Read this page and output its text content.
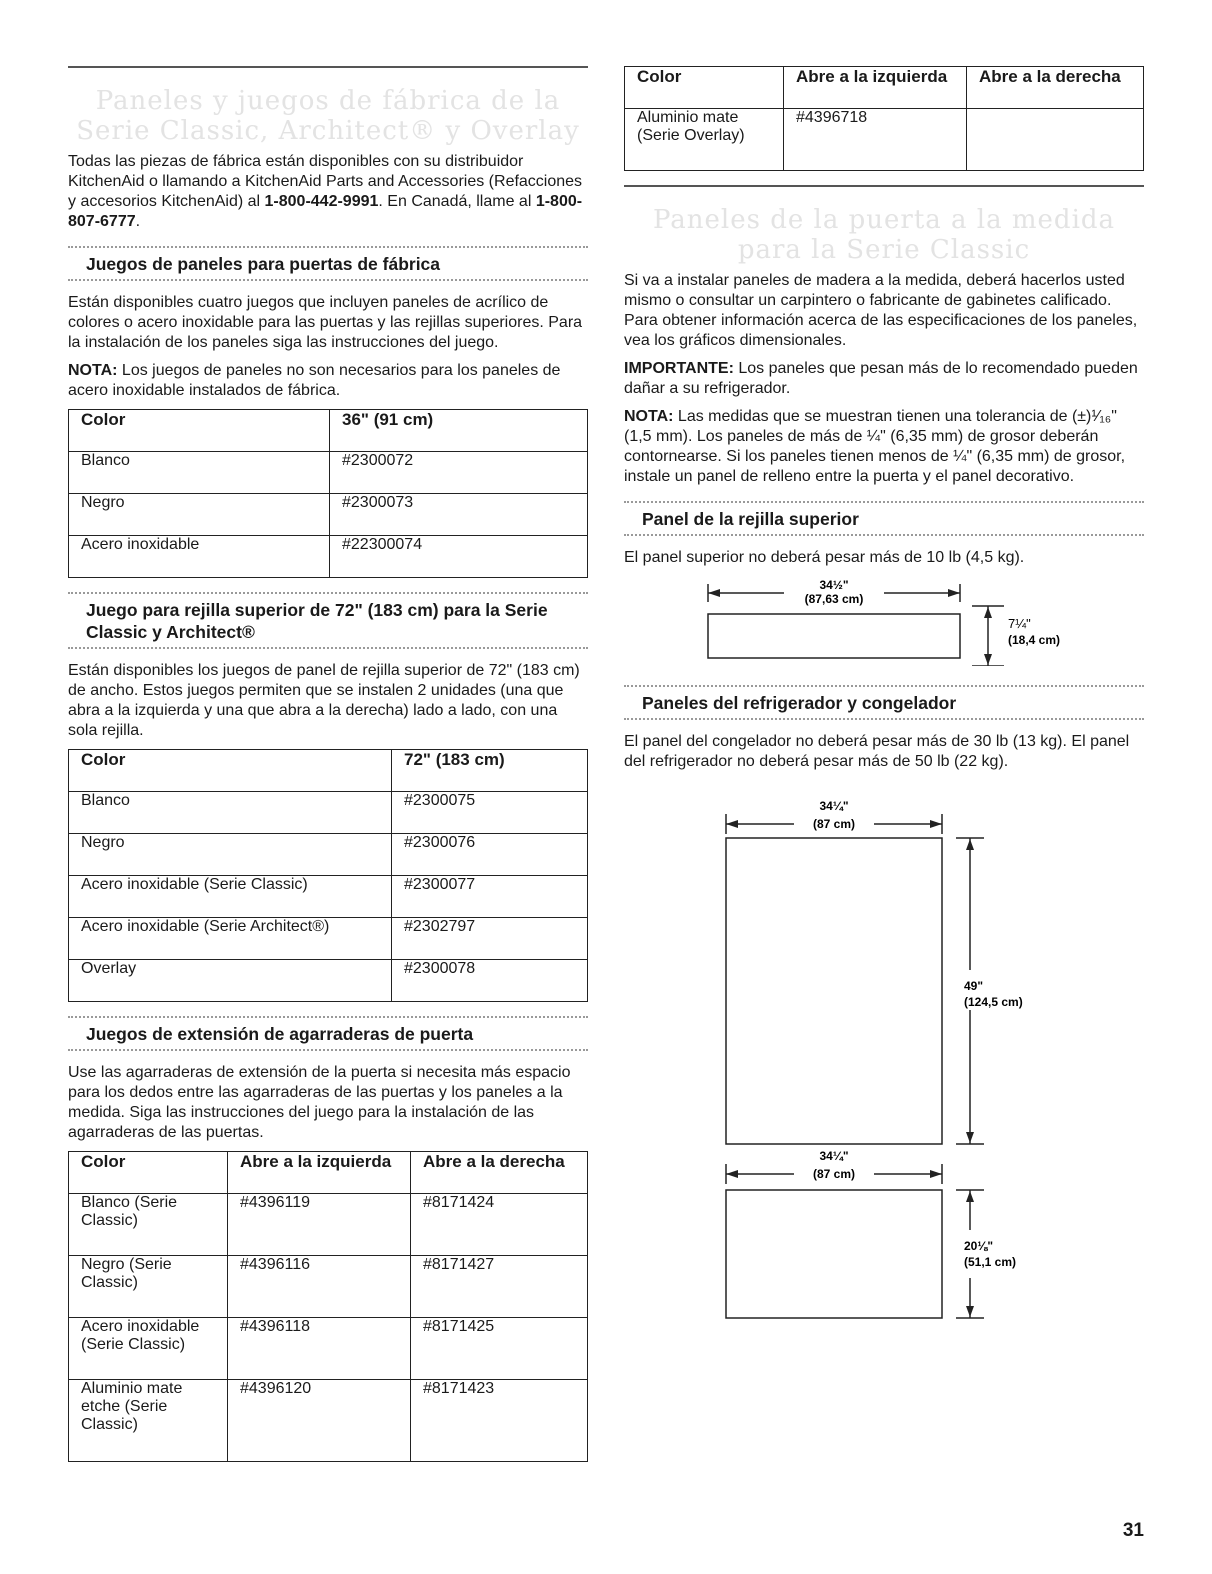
Paneles y juegos de fábrica de la Serie Classic, Architect® y Overlay

Todas las piezas de fábrica están disponibles con su distribuidor KitchenAid o llamando a KitchenAid Parts and Accessories (Refacciones y accesorios KitchenAid) al 1-800-442-9991. En Canadá, llame al 1-800-807-6777.

Juegos de paneles para puertas de fábrica

Están disponibles cuatro juegos que incluyen paneles de acrílico de colores o acero inoxidable para las puertas y las rejillas superiores. Para la instalación de los paneles siga las instrucciones del juego.

NOTA: Los juegos de paneles no son necesarios para los paneles de acero inoxidable instalados de fábrica.

Color	36" (91 cm)
Blanco	#2300072
Negro	#2300073
Acero inoxidable	#22300074
Juego para rejilla superior de 72" (183 cm) para la Serie Classic y Architect®

Están disponibles los juegos de panel de rejilla superior de 72" (183 cm) de ancho. Estos juegos permiten que se instalen 2 unidades (una que abra a la izquierda y una que abra a la derecha) lado a lado, con una sola rejilla.

Color	72" (183 cm)
Blanco	#2300075
Negro	#2300076
Acero inoxidable (Serie Classic)	#2300077
Acero inoxidable (Serie Architect®)	#2302797
Overlay	#2300078
Juegos de extensión de agarraderas de puerta

Use las agarraderas de extensión de la puerta si necesita más espacio para los dedos entre las agarraderas de las puertas y los paneles a la medida. Siga las instrucciones del juego para la instalación de las agarraderas de las puertas.

Color	Abre a la izquierda	Abre a la derecha
Blanco (Serie Classic)	#4396119	#8171424
Negro (Serie Classic)	#4396116	#8171427
Acero inoxidable (Serie Classic)	#4396118	#8171425
Aluminio mate etche (Serie Classic)	#4396120	#8171423
Color	Abre a la izquierda	Abre a la derecha
Aluminio mate (Serie Overlay)	#4396718	
Paneles de la puerta a la medida para la Serie Classic

Si va a instalar paneles de madera a la medida, deberá hacerlos usted mismo o consultar un carpintero o fabricante de gabinetes calificado. Para obtener información acerca de las especificaciones de los paneles, vea los gráficos dimensionales.

IMPORTANTE: Los paneles que pesan más de lo recomendado pueden dañar a su refrigerador.

NOTA: Las medidas que se muestran tienen una tolerancia de (±)¹⁄₁₆" (1,5 mm). Los paneles de más de ¼" (6,35 mm) de grosor deberán contornearse. Si los paneles tienen menos de ¼" (6,35 mm) de grosor, instale un panel de relleno entre la puerta y el panel decorativo.

Panel de la rejilla superior

El panel superior no deberá pesar más de 10 lb (4,5 kg).

34½"
(87,63 cm)
7¼"
(18,4 cm)
Paneles del refrigerador y congelador

El panel del congelador no deberá pesar más de 30 lb (13 kg). El panel del refrigerador no deberá pesar más de 50 lb (22 kg).

34¼"
(87 cm)
49"
(124,5 cm)
34¼"
(87 cm)
20⅛"
(51,1 cm)
31
